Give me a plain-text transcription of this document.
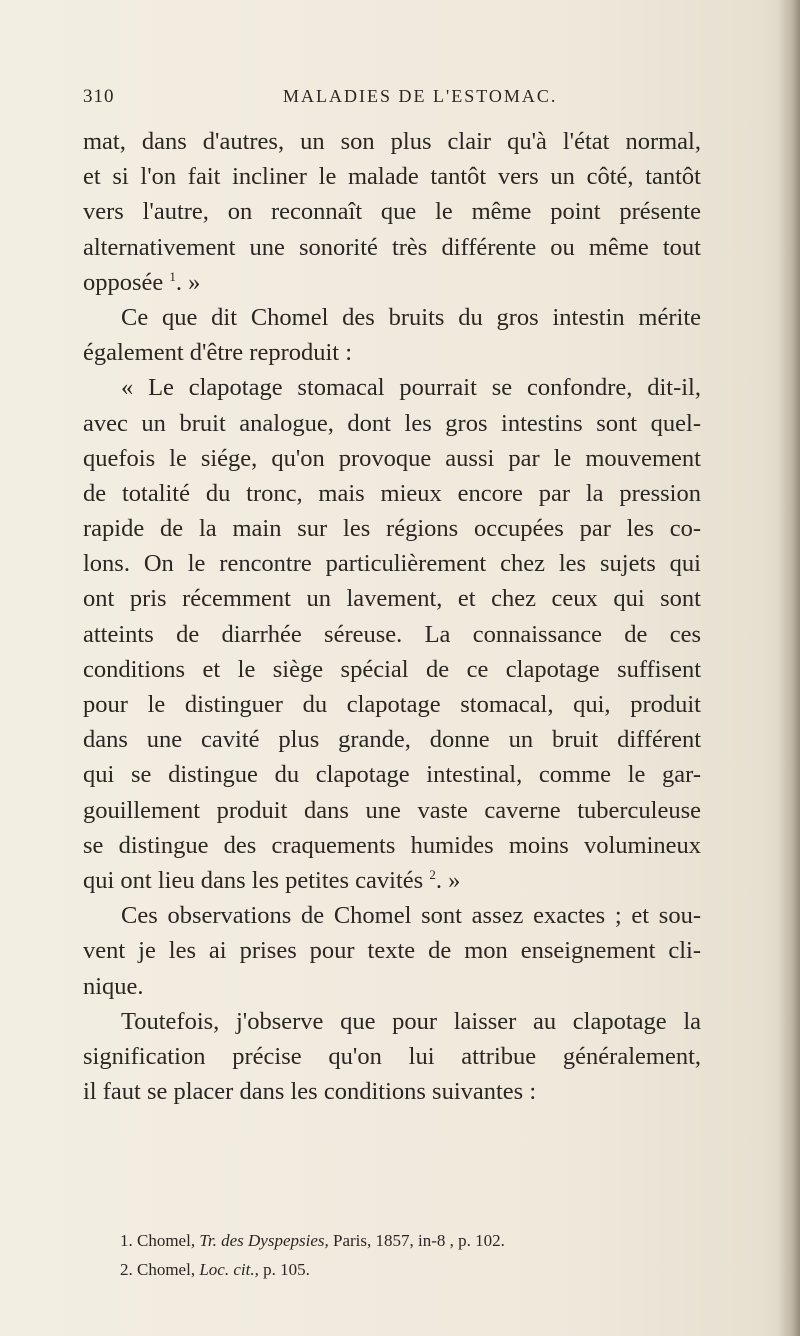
310	MALADIES DE L'ESTOMAC.
mat, dans d'autres, un son plus clair qu'à l'état normal,
et si l'on fait incliner le malade tantôt vers un côté, tantôt
vers l'autre, on reconnaît que le même point présente
alternativement une sonorité très différente ou même tout
opposée $^1$. »
Ce que dit Chomel des bruits du gros intestin mérite
également d'être reproduit :
« Le clapotage stomacal pourrait se confondre, dit-il,
avec un bruit analogue, dont les gros intestins sont quel-
quefois le siége, qu'on provoque aussi par le mouvement
de totalité du tronc, mais mieux encore par la pression
rapide de la main sur les régions occupées par les co-
lons. On le rencontre particulièrement chez les sujets qui
ont pris récemment un lavement, et chez ceux qui sont
atteints de diarrhée séreuse. La connaissance de ces
conditions et le siège spécial de ce clapotage suffisent
pour le distinguer du clapotage stomacal, qui, produit
dans une cavité plus grande, donne un bruit différent
qui se distingue du clapotage intestinal, comme le gar-
gouillement produit dans une vaste caverne tuberculeuse
se distingue des craquements humides moins volumineux
qui ont lieu dans les petites cavités $^2$. »
Ces observations de Chomel sont assez exactes ; et sou-
vent je les ai prises pour texte de mon enseignement cli-
nique.
Toutefois, j'observe que pour laisser au clapotage la
signification précise qu'on lui attribue généralement,
il faut se placer dans les conditions suivantes :
1. Chomel, Tr. des Dyspepsies, Paris, 1857, in-8 , p. 102.
2. Chomel, Loc. cit., p. 105.
